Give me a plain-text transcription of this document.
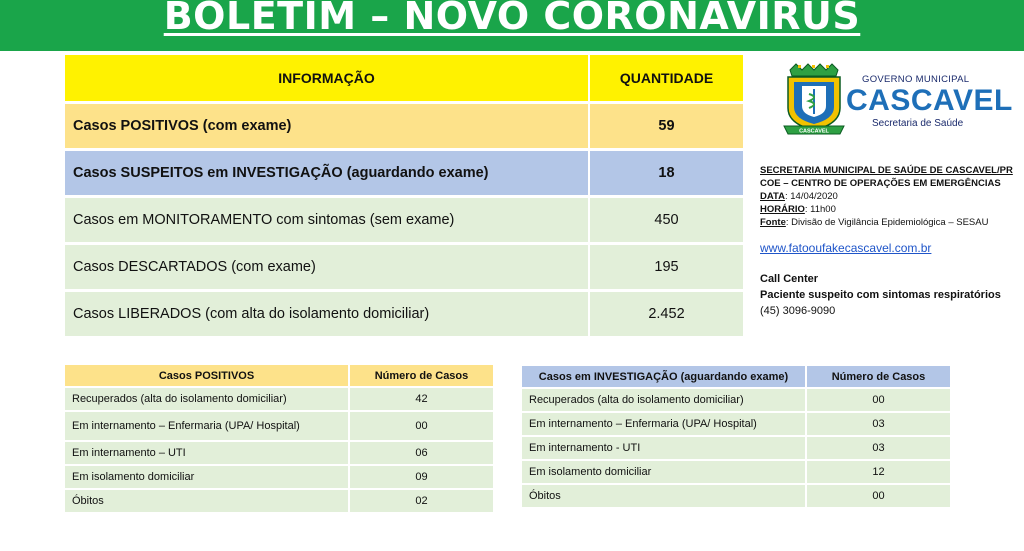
BOLETIM – NOVO CORONAVIRUS
INFORMAÇÃO	QUANTIDADE
Casos POSITIVOS (com exame)	59
Casos SUSPEITOS em INVESTIGAÇÃO (aguardando exame)	18
Casos em MONITORAMENTO com sintomas (sem exame)	450
Casos DESCARTADOS (com exame)	195
Casos LIBERADOS (com alta do isolamento domiciliar)	2.452
CASCAVEL
GOVERNO MUNICIPAL
CASCAVEL
Secretaria de Saúde
SECRETARIA MUNICIPAL DE SAÚDE DE CASCAVEL/PR
COE – CENTRO DE OPERAÇÕES EM EMERGÊNCIAS
DATA: 14/04/2020
HORÁRIO: 11h00
Fonte: Divisão de Vigilância Epidemiológica – SESAU
www.fatooufakecascavel.com.br
Call Center
Paciente suspeito com sintomas respiratórios
(45) 3096-9090
Casos POSITIVOS	Número de Casos
Recuperados (alta do isolamento domiciliar)	42
Em internamento – Enfermaria (UPA/ Hospital)	00
Em internamento – UTI	06
Em isolamento domiciliar	09
Óbitos	02
Casos em INVESTIGAÇÃO (aguardando exame)	Número de Casos
Recuperados (alta do isolamento domiciliar)	00
Em internamento – Enfermaria (UPA/ Hospital)	03
Em internamento - UTI	03
Em isolamento domiciliar	12
Óbitos	00
